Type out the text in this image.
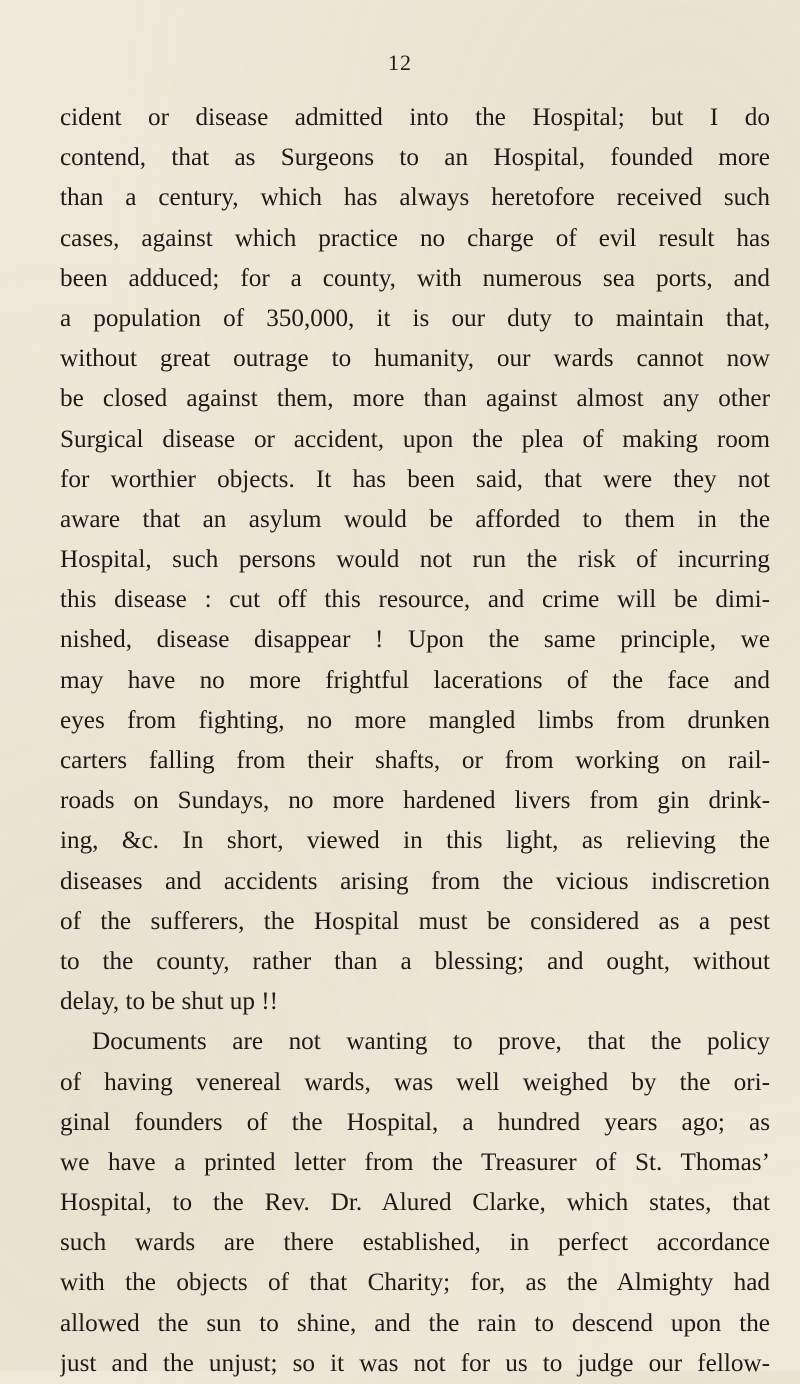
12
cident or disease admitted into the Hospital; but I do
contend, that as Surgeons to an Hospital, founded more
than a century, which has always heretofore received such
cases, against which practice no charge of evil result has
been adduced; for a county, with numerous sea ports, and
a population of 350,000, it is our duty to maintain that,
without great outrage to humanity, our wards cannot now
be closed against them, more than against almost any other
Surgical disease or accident, upon the plea of making room
for worthier objects. It has been said, that were they not
aware that an asylum would be afforded to them in the
Hospital, such persons would not run the risk of incurring
this disease : cut off this resource, and crime will be dimi-
nished, disease disappear ! Upon the same principle, we
may have no more frightful lacerations of the face and
eyes from fighting, no more mangled limbs from drunken
carters falling from their shafts, or from working on rail-
roads on Sundays, no more hardened livers from gin drink-
ing, &c. In short, viewed in this light, as relieving the
diseases and accidents arising from the vicious indiscretion
of the sufferers, the Hospital must be considered as a pest
to the county, rather than a blessing; and ought, without
delay, to be shut up !!
Documents are not wanting to prove, that the policy
of having venereal wards, was well weighed by the ori-
ginal founders of the Hospital, a hundred years ago; as
we have a printed letter from the Treasurer of St. Thomas’
Hospital, to the Rev. Dr. Alured Clarke, which states, that
such wards are there established, in perfect accordance
with the objects of that Charity; for, as the Almighty had
allowed the sun to shine, and the rain to descend upon the
just and the unjust; so it was not for us to judge our fellow-
